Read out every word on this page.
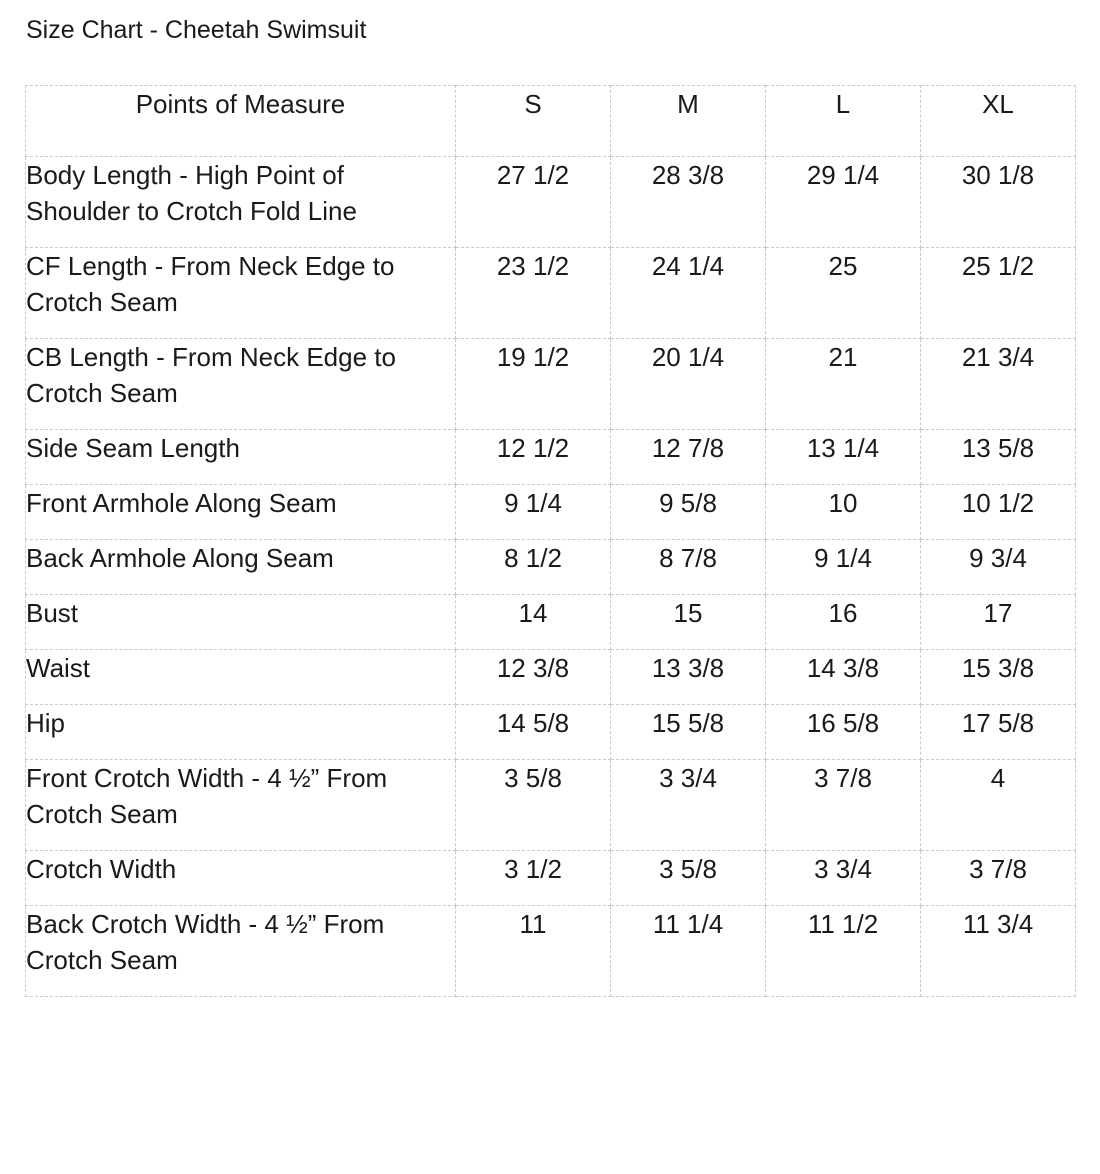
Size Chart - Cheetah Swimsuit
Points of Measure	S	M	L	XL
Body Length - High Point of Shoulder to Crotch Fold Line	27 1/2	28 3/8	29 1/4	30 1/8
CF Length - From Neck Edge to Crotch Seam	23 1/2	24 1/4	25	25 1/2
CB Length - From Neck Edge to Crotch Seam	19 1/2	20 1/4	21	21 3/4
Side Seam Length	12 1/2	12 7/8	13 1/4	13 5/8
Front Armhole Along Seam	9 1/4	9 5/8	10	10 1/2
Back Armhole Along Seam	8 1/2	8 7/8	9 1/4	9 3/4
Bust	14	15	16	17
Waist	12 3/8	13 3/8	14 3/8	15 3/8
Hip	14 5/8	15 5/8	16 5/8	17 5/8
Front Crotch Width - 4 ½” From Crotch Seam	3 5/8	3 3/4	3 7/8	4
Crotch Width	3 1/2	3 5/8	3 3/4	3 7/8
Back Crotch Width - 4 ½” From Crotch Seam	11	11 1/4	11 1/2	11 3/4
